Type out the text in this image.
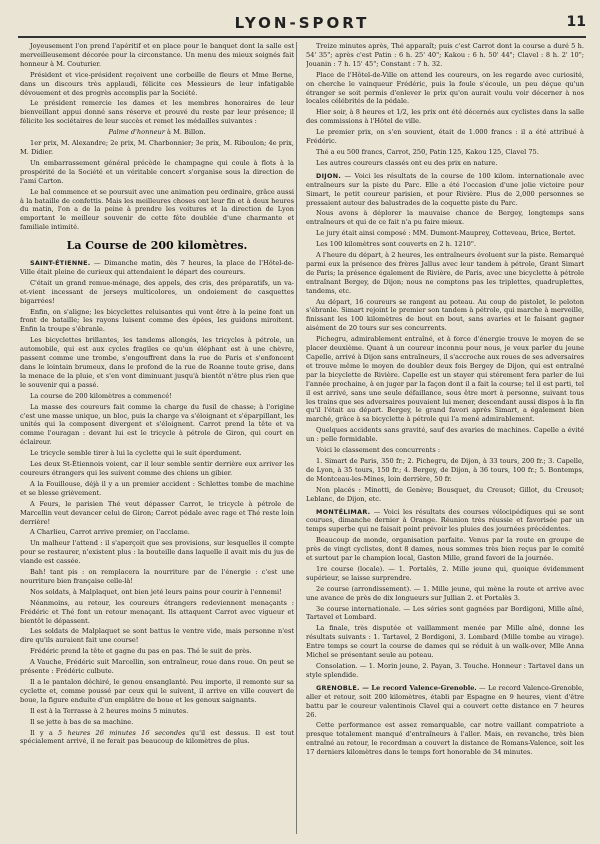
LYON-SPORT	11

Joyeusement l'on prend l'apéritif et en place pour le banquet dont la salle est merveilleusement décorée pour la circonstance. Un menu des mieux soignés fait honneur à M. Couturier.

Président et vice-président reçoivent une corbeille de fleurs et Mme Berne, dans un discours très applaudi, félicite ces Messieurs de leur infatigable dévouement et des progrès accomplis par la Société.

Le président remercie les dames et les membres honoraires de leur bienveillant appui donné sans réserve et prouvé du reste par leur présence; il félicite les sociétaires de leur succès et remet les médailles suivantes :

Palme d'honneur à M. Billon.

1er prix, M. Alexandre; 2e prix, M. Charbonnier; 3e prix, M. Riboulon; 4e prix, M. Didier.

Un embarrassement général précède le champagne qui coule à flots à la prospérité de la Société et un véritable concert s'organise sous la direction de l'ami Carton.

Le bal commence et se poursuit avec une animation peu ordinaire, grâce aussi à la bataille de confettis. Mais les meilleures choses ont leur fin et à deux heures du matin, l'on a de la peine à prendre les voitures et la direction de Lyon emportant le meilleur souvenir de cette fête doublée d'une charmante et familiale intimité.

La Course de 200 kilomètres.

SAINT-ÉTIENNE. — Dimanche matin, dès 7 heures, la place de l'Hôtel-de-Ville était pleine de curieux qui attendaient le départ des coureurs.

C'était un grand remue-ménage, des appels, des cris, des préparatifs, un va-et-vient incessant de jerseys multicolores, un ondoiement de casquettes bigarrées!

Enfin, on s'aligne; les bicyclettes reluisantes qui vont être à la peine font un front de bataille; les rayons luisent comme des épées, les guidons miroitent. Enfin la troupe s'ébranle.

Les bicyclettes brillantes, les tandems allongés, les tricycles à pétrole, un automobile, qui est aux cycles fragiles ce qu'un éléphant est à une chèvre, passent comme une trombe, s'engouffrent dans la rue de Paris et s'enfoncent dans le lointain brumeux, dans le profond de la rue de Roanne toute grise, dans la menace de la pluie, et s'en vont diminuant jusqu'à bientôt n'être plus rien que le souvenir qui a passé.

La course de 200 kilomètres a commencé!

La masse des coureurs fait comme la charge du fusil de chasse; à l'origine c'est une masse unique, un bloc, puis la charge va s'éloignant et s'éparpillant, les unités qui la composent divergent et s'éloignent. Carrot prend la tête et va comme l'ouragan : devant lui est le tricycle à pétrole de Giron, qui court en éclaireur.

Le tricycle semble tirer à lui la cyclette qui le suit éperdument.

Les deux St-Étiennois voient, car il leur semble sentir derrière eux arriver les coureurs étrangers qui les suivent comme des chiens un gibier.

A la Fouillouse, déjà il y a un premier accident : Schlettes tombe de machine et se blesse grièvement.

A Feurs, le parisien Thé veut dépasser Carrot, le tricycle à pétrole de Marcellin veut devancer celui de Giron; Carrot pédale avec rage et Thé reste loin derrière!

A Charlieu, Carrot arrive premier, on l'acclame.

Un malheur l'attend : il s'aperçoit que ses provisions, sur lesquelles il compte pour se restaurer, n'existent plus : la bouteille dans laquelle il avait mis du jus de viande est cassée.

Bah! tant pis : on remplacera la nourriture par de l'énergie : c'est une nourriture bien française celle-là!

Nos soldats, à Malplaquet, ont bien jeté leurs pains pour courir à l'ennemi!

Néanmoins, au retour, les coureurs étrangers redeviennent menaçants : Frédéric et Thé font un retour menaçant. Ils attaquent Carrot avec vigueur et bientôt le dépassent.

Les soldats de Malplaquet se sont battus le ventre vide, mais personne n'est dire qu'ils auraient fait une course!

Frédéric prend la tête et gagne du pas en pas. Thé le suit de près.

A Vauche, Frédéric suit Marcellin, son entraîneur, roue dans roue. On peut se présente : Frédéric culbute.

Il a le pantalon déchiré, le genou ensanglanté. Peu importe, il remonte sur sa cyclette et, comme poussé par ceux qui le suivent, il arrive en ville couvert de boue, la figure enduite d'un emplâtre de boue et les genoux saignants.

Il est à la Terrasse à 2 heures moins 5 minutes.

Il se jette à bas de sa machine.

Il y a 5 heures 26 minutes 16 secondes qu'il est dessus. Il est tout spécialement arrivé, il ne ferait pas beaucoup de kilomètres de plus.

Treize minutes après, Thé apparaît; puis c'est Carrot dont la course a duré 5 h. 54' 35"; après c'est Patin : 6 h. 25' 40"; Kakou : 6 h. 50' 44"; Clavel : 8 h. 2' 10"; Jouanin : 7 h. 15' 45"; Constant : 7 h. 32.

Place de l'Hôtel-de-Ville on attend les coureurs, on les regarde avec curiosité, on cherche le vainqueur Frédéric, puis la foule s'écoule, un peu déçue qu'un étranger se soit permis d'enlever le prix qu'on aurait voulu voir décerner à nos locales célébrités de la pédale.

Hier soir, à 8 heures et 1/2, les prix ont été décernés aux cyclistes dans la salle des commissions à l'Hôtel de ville.

Le premier prix, on s'en souvient, était de 1.000 francs : il a été attribué à Frédéric.

Thé a eu 500 francs, Carrot, 250, Patin 125, Kakou 125, Clavel 75.

Les autres coureurs classés ont eu des prix en nature.

DIJON. — Voici les résultats de la course de 100 kilom. internationale avec entraîneurs sur la piste du Parc. Elle a été l'occasion d'une jolie victoire pour Simart, le petit coureur parisien, et pour Rivière. Plus de 2,000 personnes se pressaient autour des balustrades de la coquette piste du Parc.

Nous avons à déplorer la mauvaise chance de Bergey, longtemps sans entraîneurs et qui de ce fait n'a pu faire mieux.

Le jury était ainsi composé : MM. Dumont-Mauprey, Cotteveau, Brice, Bertet.

Les 100 kilomètres sont couverts en 2 h. 1210".

A l'heure du départ, à 2 heures, les entraîneurs évoluent sur la piste. Remarqué parmi eux la présence des frères Jallus avec leur tandem à pétrole, Grant Simart de Paris; la présence également de Rivière, de Paris, avec une bicyclette à pétrole entraînant Bergey, de Dijon; nous ne comptons pas les triplettes, quadruplettes, tandems, etc.

Au départ, 16 coureurs se rangent au poteau. Au coup de pistolet, le peloton s'ébranle. Simart rejoint le premier son tandem à pétrole, qui marche à merveille, finissant les 100 kilomètres de bout en bout, sans avaries et le faisant gagner aisément de 20 tours sur ses concurrents.

Pichegru, admirablement entraîné, et à force d'énergie trouve le moyen de se placer deuxième. Quant à un coureur inconnu pour nous, je veux parler du jeune Capelle, arrivé à Dijon sans entraîneurs, il s'accroche aux roues de ses adversaires et trouve même le moyen de doubler deux fois Bergey de Dijon, qui est entraîné par la bicyclette de Rivière. Capelle est un stayer qui stérement fera parler de lui l'année prochaine, à en juger par la façon dont il a fait la course; tel il est parti, tel il est arrivé, sans une seule défaillance, sous être mort à personne, suivant tous les trains que ses adversaires pouvaient lui mener, descendant aussi dispos à la fin qu'il l'était au départ. Bergey, le grand favori après Simart, a également bien marché, grâce à sa bicyclette à pétrole qui l'a mené admirablement.

Quelques accidents sans gravité, sauf des avaries de machines. Capelle a évité un : pelle formidable.

Voici le classement des concurrents :

1. Simart de Paris, 350 fr.; 2. Pichegru, de Dijon, à 33 tours, 200 fr.; 3. Capelle, de Lyon, à 35 tours, 150 fr.; 4. Bergey, de Dijon, à 36 tours, 100 fr.; 5. Bontemps, de Montceau-les-Mines, loin derrière, 50 fr.

Non placés : Minotti, de Genève; Bousquet, du Creusot; Gillot, du Creusot; Leblanc, de Dijon, etc.

MONTÉLIMAR. — Voici les résultats des courses vélocipédiques qui se sont courues, dimanche dernier à Orange. Réunion très réussie et favorisée par un temps superbe qui ne faisait point prévoir les pluies des journées précédentes.

Beaucoup de monde, organisation parfaite. Venus par la route en groupe de près de vingt cyclistes, dont 8 dames, nous sommes très bien reçus par le comité et surtout par le champion local, Gaston Mille, grand favori de la journée.

1re course (locale). — 1. Portalès, 2. Mille jeune qui, quoique évidemment supérieur, se laisse surprendre.

2e course (arrondissement). — 1. Mille jeune, qui mène la route et arrive avec une avance de près de dix longueurs sur Jullian 2. et Portalès 3.

3e course internationale. — Les séries sont gagnées par Bordigoni, Mille aîné, Tartavel et Lombard.

La finale, très disputée et vaillamment menée par Mille aîné, donne les résultats suivants : 1. Tartavel, 2 Bordigoni, 3. Lombard (Mille tombe au virage). Entre temps se court la course de dames qui se réduit à un walk-over, Mlle Anna Michel se présentant seule au poteau.

Consolation. — 1. Morin jeune, 2. Payan, 3. Touche. Honneur : Tartavel dans un style splendide.

GRENOBLE. — Le record Valence-Grenoble. — Le record Valence-Grenoble, aller et retour, soit 200 kilomètres, établi par Espagne en 9 heures, vient d'être battu par le coureur valentinois Clavel qui a couvert cette distance en 7 heures 26.

Cette performance est assez remarquable, car notre vaillant compatriote a presque totalement manqué d'entraîneurs à l'aller. Mais, en revanche, très bien entraîné au retour, le recordman a couvert la distance de Romans-Valence, soit les 17 derniers kilomètres dans le temps fort honorable de 34 minutes.
